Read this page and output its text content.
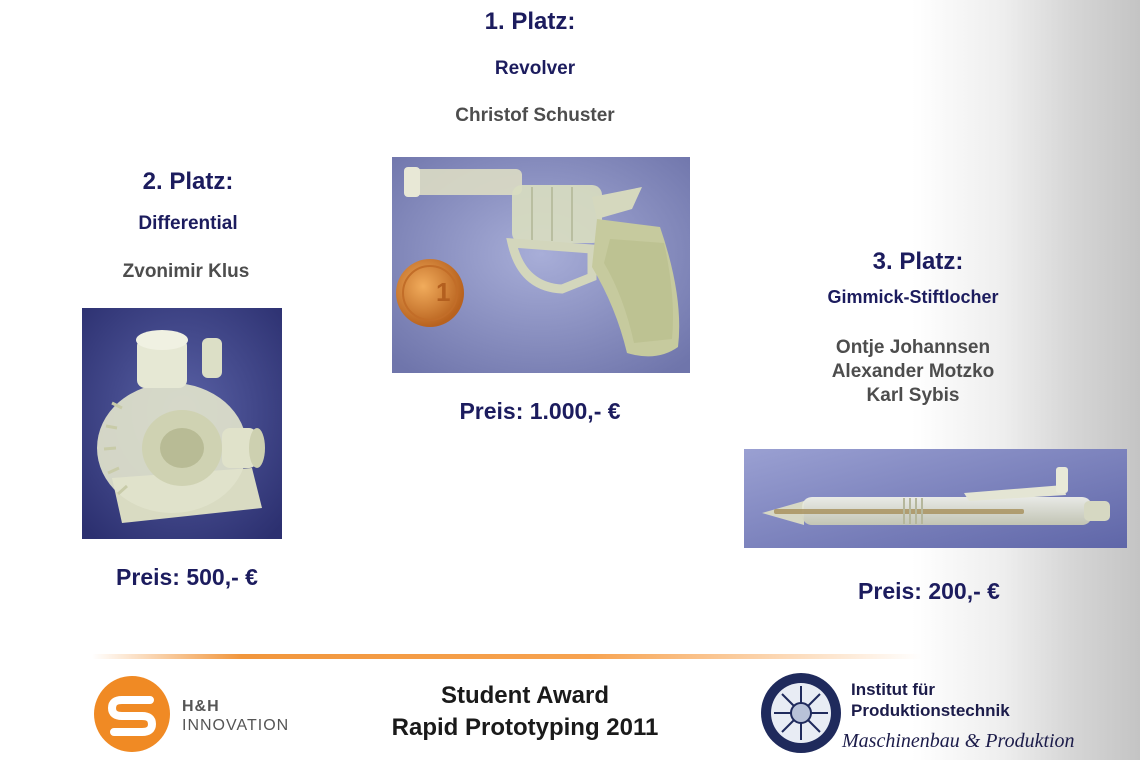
1. Platz:
Revolver
Christof Schuster
1
Preis: 1.000,- €
2. Platz:
Differential
Zvonimir Klus
Preis: 500,- €
3. Platz:
Gimmick-Stiftlocher
Ontje Johannsen
Alexander Motzko
Karl Sybis
Preis: 200,- €
H&H
INNOVATION
Student Award
Rapid Prototyping 2011
Institut für
Produktionstechnik
Maschinenbau & Produktion
